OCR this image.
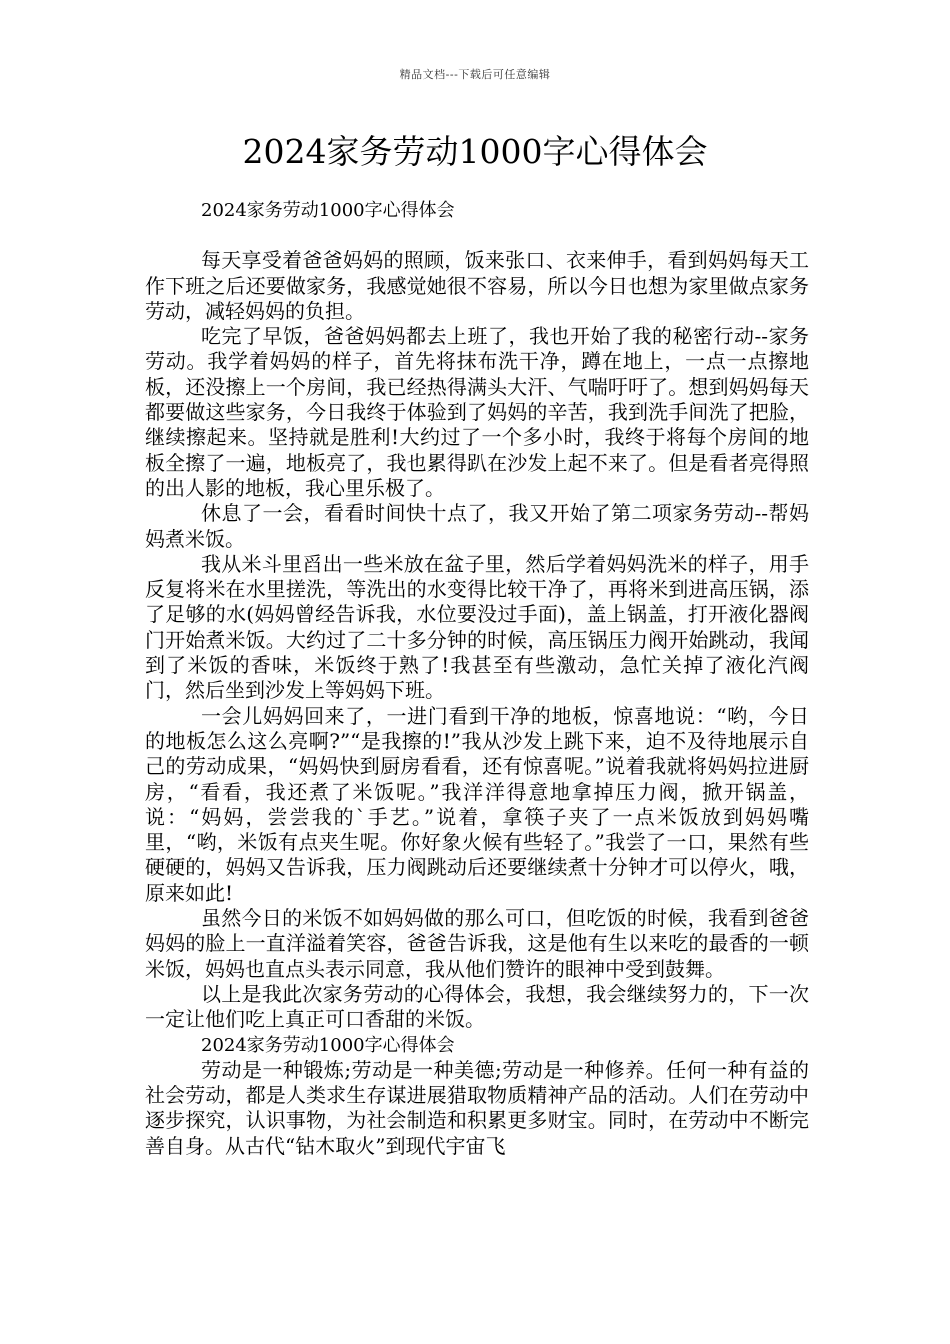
精品文档---下载后可任意编辑
2024家务劳动1000字心得体会

2024家务劳动1000字心得体会

每天享受着爸爸妈妈的照顾，饭来张口、衣来伸手，看到妈妈每天工作下班之后还要做家务，我感觉她很不容易，所以今日也想为家里做点家务劳动，减轻妈妈的负担。

吃完了早饭，爸爸妈妈都去上班了，我也开始了我的秘密行动--家务劳动。我学着妈妈的样子，首先将抹布洗干净，蹲在地上，一点一点擦地板，还没擦上一个房间，我已经热得满头大汗、气喘吁吁了。想到妈妈每天都要做这些家务，今日我终于体验到了妈妈的辛苦，我到洗手间洗了把脸，继续擦起来。坚持就是胜利!大约过了一个多小时，我终于将每个房间的地板全擦了一遍，地板亮了，我也累得趴在沙发上起不来了。但是看者亮得照的出人影的地板，我心里乐极了。

休息了一会，看看时间快十点了，我又开始了第二项家务劳动--帮妈妈煮米饭。

我从米斗里舀出一些米放在盆子里，然后学着妈妈洗米的样子，用手反复将米在水里搓洗，等洗出的水变得比较干净了，再将米到进高压锅，添了足够的水(妈妈曾经告诉我，水位要没过手面)，盖上锅盖，打开液化器阀门开始煮米饭。大约过了二十多分钟的时候，高压锅压力阀开始跳动，我闻到了米饭的香味，米饭终于熟了!我甚至有些激动，急忙关掉了液化汽阀门，然后坐到沙发上等妈妈下班。

一会儿妈妈回来了，一进门看到干净的地板，惊喜地说：“哟，今日的地板怎么这么亮啊?”“是我擦的!”我从沙发上跳下来，迫不及待地展示自己的劳动成果，“妈妈快到厨房看看，还有惊喜呢。”说着我就将妈妈拉进厨房，“看看，我还煮了米饭呢。”我洋洋得意地拿掉压力阀，掀开锅盖，说：“妈妈，尝尝我的`手艺。”说着，拿筷子夹了一点米饭放到妈妈嘴里，“哟，米饭有点夹生呢。你好象火候有些轻了。”我尝了一口，果然有些硬硬的，妈妈又告诉我，压力阀跳动后还要继续煮十分钟才可以停火，哦，原来如此!

虽然今日的米饭不如妈妈做的那么可口，但吃饭的时候，我看到爸爸妈妈的脸上一直洋溢着笑容，爸爸告诉我，这是他有生以来吃的最香的一顿米饭，妈妈也直点头表示同意，我从他们赞许的眼神中受到鼓舞。

以上是我此次家务劳动的心得体会，我想，我会继续努力的，下一次一定让他们吃上真正可口香甜的米饭。

2024家务劳动1000字心得体会

劳动是一种锻炼;劳动是一种美德;劳动是一种修养。任何一种有益的社会劳动，都是人类求生存谋进展猎取物质精神产品的活动。人们在劳动中逐步探究，认识事物，为社会制造和积累更多财宝。同时，在劳动中不断完善自身。从古代“钻木取火”到现代宇宙飞
